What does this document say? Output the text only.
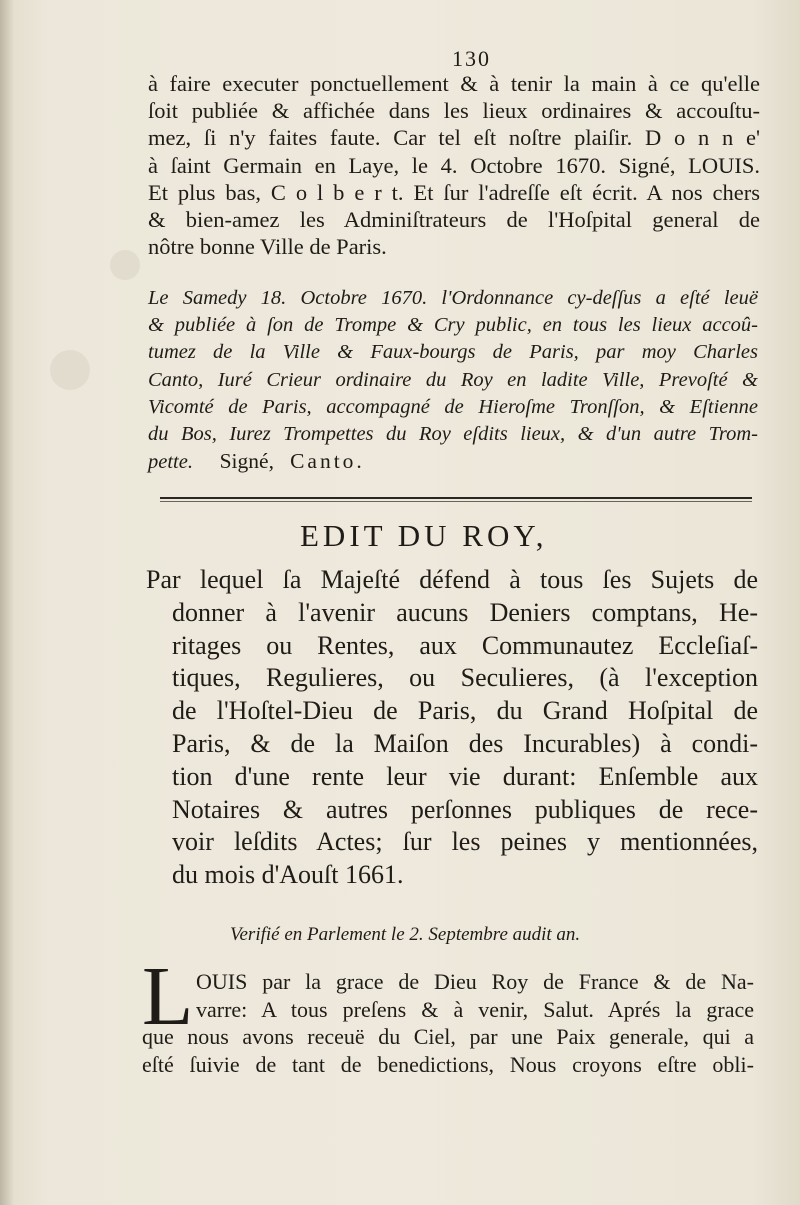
130
à faire executer ponctuellement & à tenir la main à ce qu'elle
ſoit publiée & affichée dans les lieux ordinaires & accouſtu-
mez, ſi n'y faites faute. Car tel eſt noſtre plaiſir. D o n n e'
à ſaint Germain en Laye, le 4. Octobre 1670. Signé, LOUIS.
Et plus bas, C o l b e r t. Et ſur l'adreſſe eſt écrit. A nos chers
& bien-amez les Adminiſtrateurs de l'Hoſpital general de
nôtre bonne Ville de Paris.
Le Samedy 18. Octobre 1670. l'Ordonnance cy-deſſus a eſté leuë
& publiée à ſon de Trompe & Cry public, en tous les lieux accoû-
tumez de la Ville & Faux-bourgs de Paris, par moy Charles
Canto, Iuré Crieur ordinaire du Roy en ladite Ville, Prevoſté &
Vicomté de Paris, accompagné de Hieroſme Tronſſon, & Eſtienne
du Bos, Iurez Trompettes du Roy eſdits lieux, & d'un autre Trom-
pette. Signé, Canto.
EDIT DU ROY,
Par lequel ſa Majeſté défend à tous ſes Sujets de
donner à l'avenir aucuns Deniers comptans, He-
ritages ou Rentes, aux Communautez Eccleſiaſ-
tiques, Regulieres, ou Seculieres, (à l'exception
de l'Hoſtel-Dieu de Paris, du Grand Hoſpital de
Paris, & de la Maiſon des Incurables) à condi-
tion d'une rente leur vie durant: Enſemble aux
Notaires & autres perſonnes publiques de rece-
voir leſdits Actes; ſur les peines y mentionnées,
du mois d'Aouſt 1661.
Verifié en Parlement le 2. Septembre audit an.
L OUIS par la grace de Dieu Roy de France & de Na-
varre: A tous preſens & à venir, Salut. Aprés la grace
que nous avons receuë du Ciel, par une Paix generale, qui a
eſté ſuivie de tant de benedictions, Nous croyons eſtre obli-
